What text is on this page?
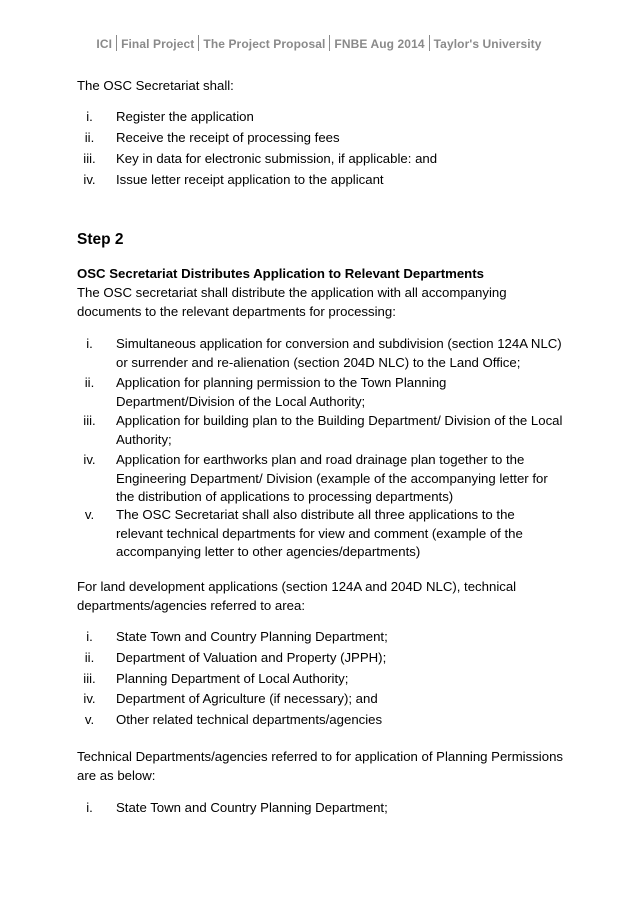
ICI Final Project The Project Proposal FNBE Aug 2014 Taylor's University
The OSC Secretariat shall:
i.	Register the application
ii.	Receive the receipt of processing fees
iii.	Key in data for electronic submission, if applicable: and
iv.	Issue letter receipt application to the applicant
Step 2
OSC Secretariat Distributes Application to Relevant Departments
The OSC secretariat shall distribute the application with all accompanying documents to the relevant departments for processing:
i.	Simultaneous application for conversion and subdivision (section 124A NLC) or surrender and re-alienation (section 204D NLC) to the Land Office;
ii.	Application for planning permission to the Town Planning Department/Division of the Local Authority;
iii.	Application for building plan to the Building Department/ Division of the Local Authority;
iv.	Application for earthworks plan and road drainage plan together to the Engineering Department/ Division (example of the accompanying letter for the distribution of applications to processing departments)
v.	The OSC Secretariat shall also distribute all three applications to the relevant technical departments for view and comment (example of the accompanying letter to other agencies/departments)
For land development applications (section 124A and 204D NLC), technical departments/agencies referred to area:
i.	State Town and Country Planning Department;
ii.	Department of Valuation and Property (JPPH);
iii.	Planning Department of Local Authority;
iv.	Department of Agriculture (if necessary); and
v.	Other related technical departments/agencies
Technical Departments/agencies referred to for application of Planning Permissions are as below:
i.	State Town and Country Planning Department;
